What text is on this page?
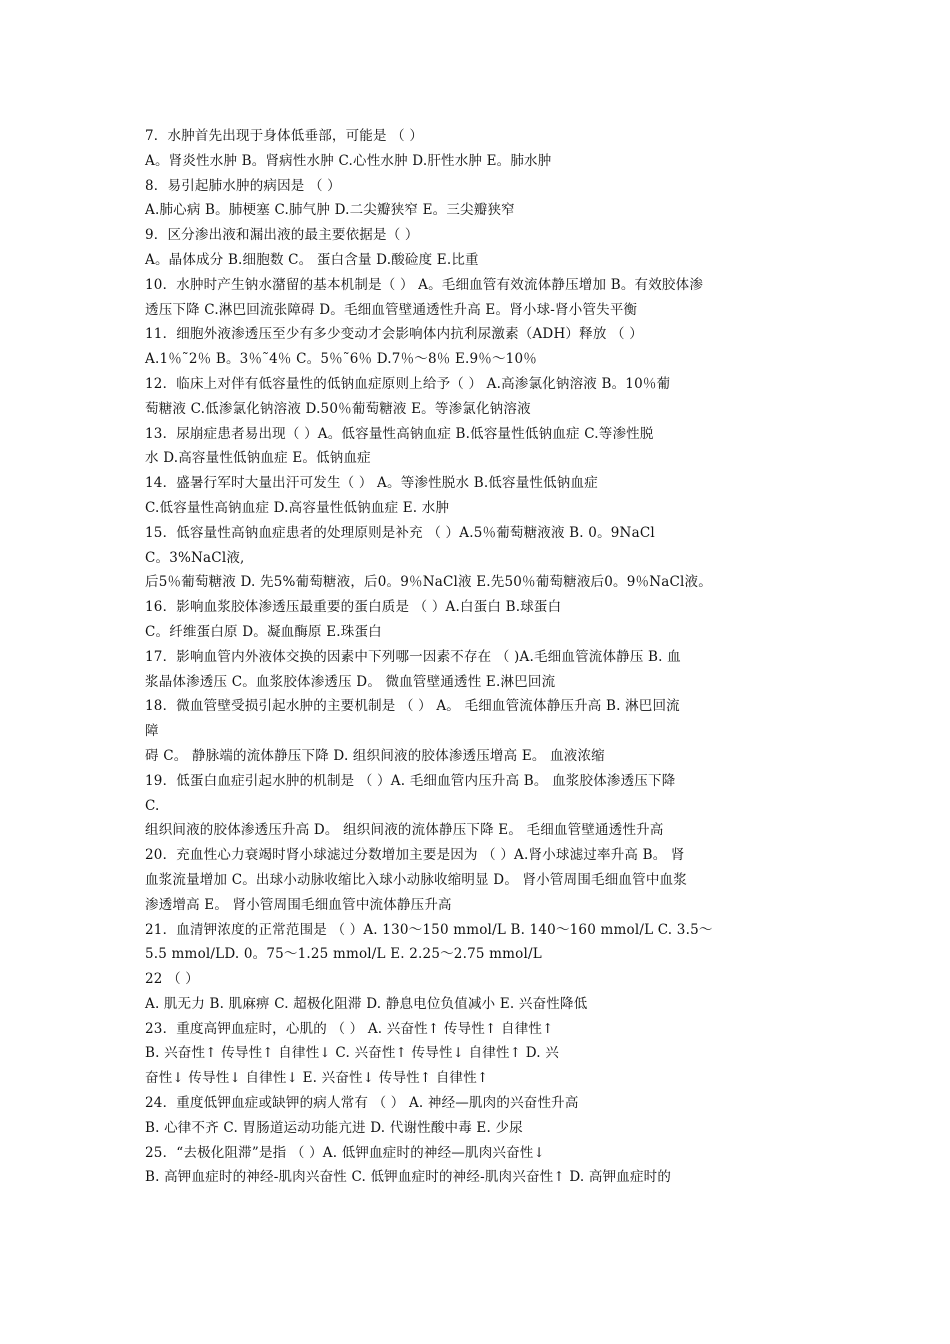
7．水肿首先出现于身体低垂部，可能是 （ ）
A。肾炎性水肿 B。肾病性水肿 C.心性水肿 D.肝性水肿 E。肺水肿
8．易引起肺水肿的病因是 （ ）
A.肺心病 B。肺梗塞 C.肺气肿 D.二尖瓣狭窄 E。三尖瓣狭窄
9．区分渗出液和漏出液的最主要依据是（ ）
A。晶体成分 B.细胞数 C。 蛋白含量 D.酸硷度 E.比重
10．水肿时产生钠水潴留的基本机制是（ ） A。毛细血管有效流体静压增加 B。有效胶体渗
透压下降 C.淋巴回流张障碍 D。毛细血管壁通透性升高 E。肾小球-肾小管失平衡
11．细胞外液渗透压至少有多少变动才会影响体内抗利尿激素（ADH）释放 （ ）
A.1％˜2％ B。3％˜4％ C。5％˜6％ D.7％～8％ E.9％～10％
12．临床上对伴有低容量性的低钠血症原则上给予（ ） A.高渗氯化钠溶液 B。10％葡
萄糖液 C.低渗氯化钠溶液 D.50％葡萄糖液 E。等渗氯化钠溶液
13．尿崩症患者易出现（ ）A。低容量性高钠血症 B.低容量性低钠血症 C.等渗性脱
水 D.高容量性低钠血症 E。低钠血症
14．盛暑行军时大量出汗可发生（ ） A。等渗性脱水 B.低容量性低钠血症
C.低容量性高钠血症 D.高容量性低钠血症 E. 水肿
15．低容量性高钠血症患者的处理原则是补充 （ ）A.5％葡萄糖液液 B. 0。9NaCl
C。3%NaCl液,
后5％葡萄糖液 D. 先5%葡萄糖液，后0。9％NaCl液 E.先50％葡萄糖液后0。9％NaCl液。
16．影响血浆胶体渗透压最重要的蛋白质是 （ ）A.白蛋白 B.球蛋白
C。纤维蛋白原 D。凝血酶原 E.珠蛋白
17．影响血管内外液体交换的因素中下列哪一因素不存在 （ )A.毛细血管流体静压 B. 血
浆晶体渗透压 C。血浆胶体渗透压 D。 微血管壁通透性 E.淋巴回流
18．微血管壁受损引起水肿的主要机制是 （ ） A。 毛细血管流体静压升高 B. 淋巴回流
障
碍 C。 静脉端的流体静压下降 D. 组织间液的胶体渗透压增高 E。 血液浓缩
19．低蛋白血症引起水肿的机制是 （ ）A. 毛细血管内压升高 B。 血浆胶体渗透压下降
C.
组织间液的胶体渗透压升高 D。 组织间液的流体静压下降 E。 毛细血管壁通透性升高
20．充血性心力衰竭时肾小球滤过分数增加主要是因为 （ ）A.肾小球滤过率升高 B。 肾
血浆流量增加 C。出球小动脉收缩比入球小动脉收缩明显 D。 肾小管周围毛细血管中血浆
渗透增高 E。 肾小管周围毛细血管中流体静压升高
21．血清钾浓度的正常范围是 （ ）A. 130～150 mmol/L B. 140～160 mmol/L C. 3.5～
5.5 mmol/LD. 0。75～1.25 mmol/L E. 2.25～2.75 mmol/L
22 （ ）
A. 肌无力 B. 肌麻痹 C. 超极化阻滞 D. 静息电位负值减小 E. 兴奋性降低
23．重度高钾血症时，心肌的 （ ） A. 兴奋性↑ 传导性↑ 自律性↑
B. 兴奋性↑ 传导性↑ 自律性↓ C. 兴奋性↑ 传导性↓ 自律性↑ D. 兴
奋性↓ 传导性↓ 自律性↓ E. 兴奋性↓ 传导性↑ 自律性↑
24．重度低钾血症或缺钾的病人常有 （ ） A. 神经—肌肉的兴奋性升高
B. 心律不齐 C. 胃肠道运动功能亢进 D. 代谢性酸中毒 E. 少尿
25．“去极化阻滞”是指 （ ）A. 低钾血症时的神经—肌肉兴奋性↓
B. 高钾血症时的神经-肌肉兴奋性 C. 低钾血症时的神经-肌肉兴奋性↑ D. 高钾血症时的
